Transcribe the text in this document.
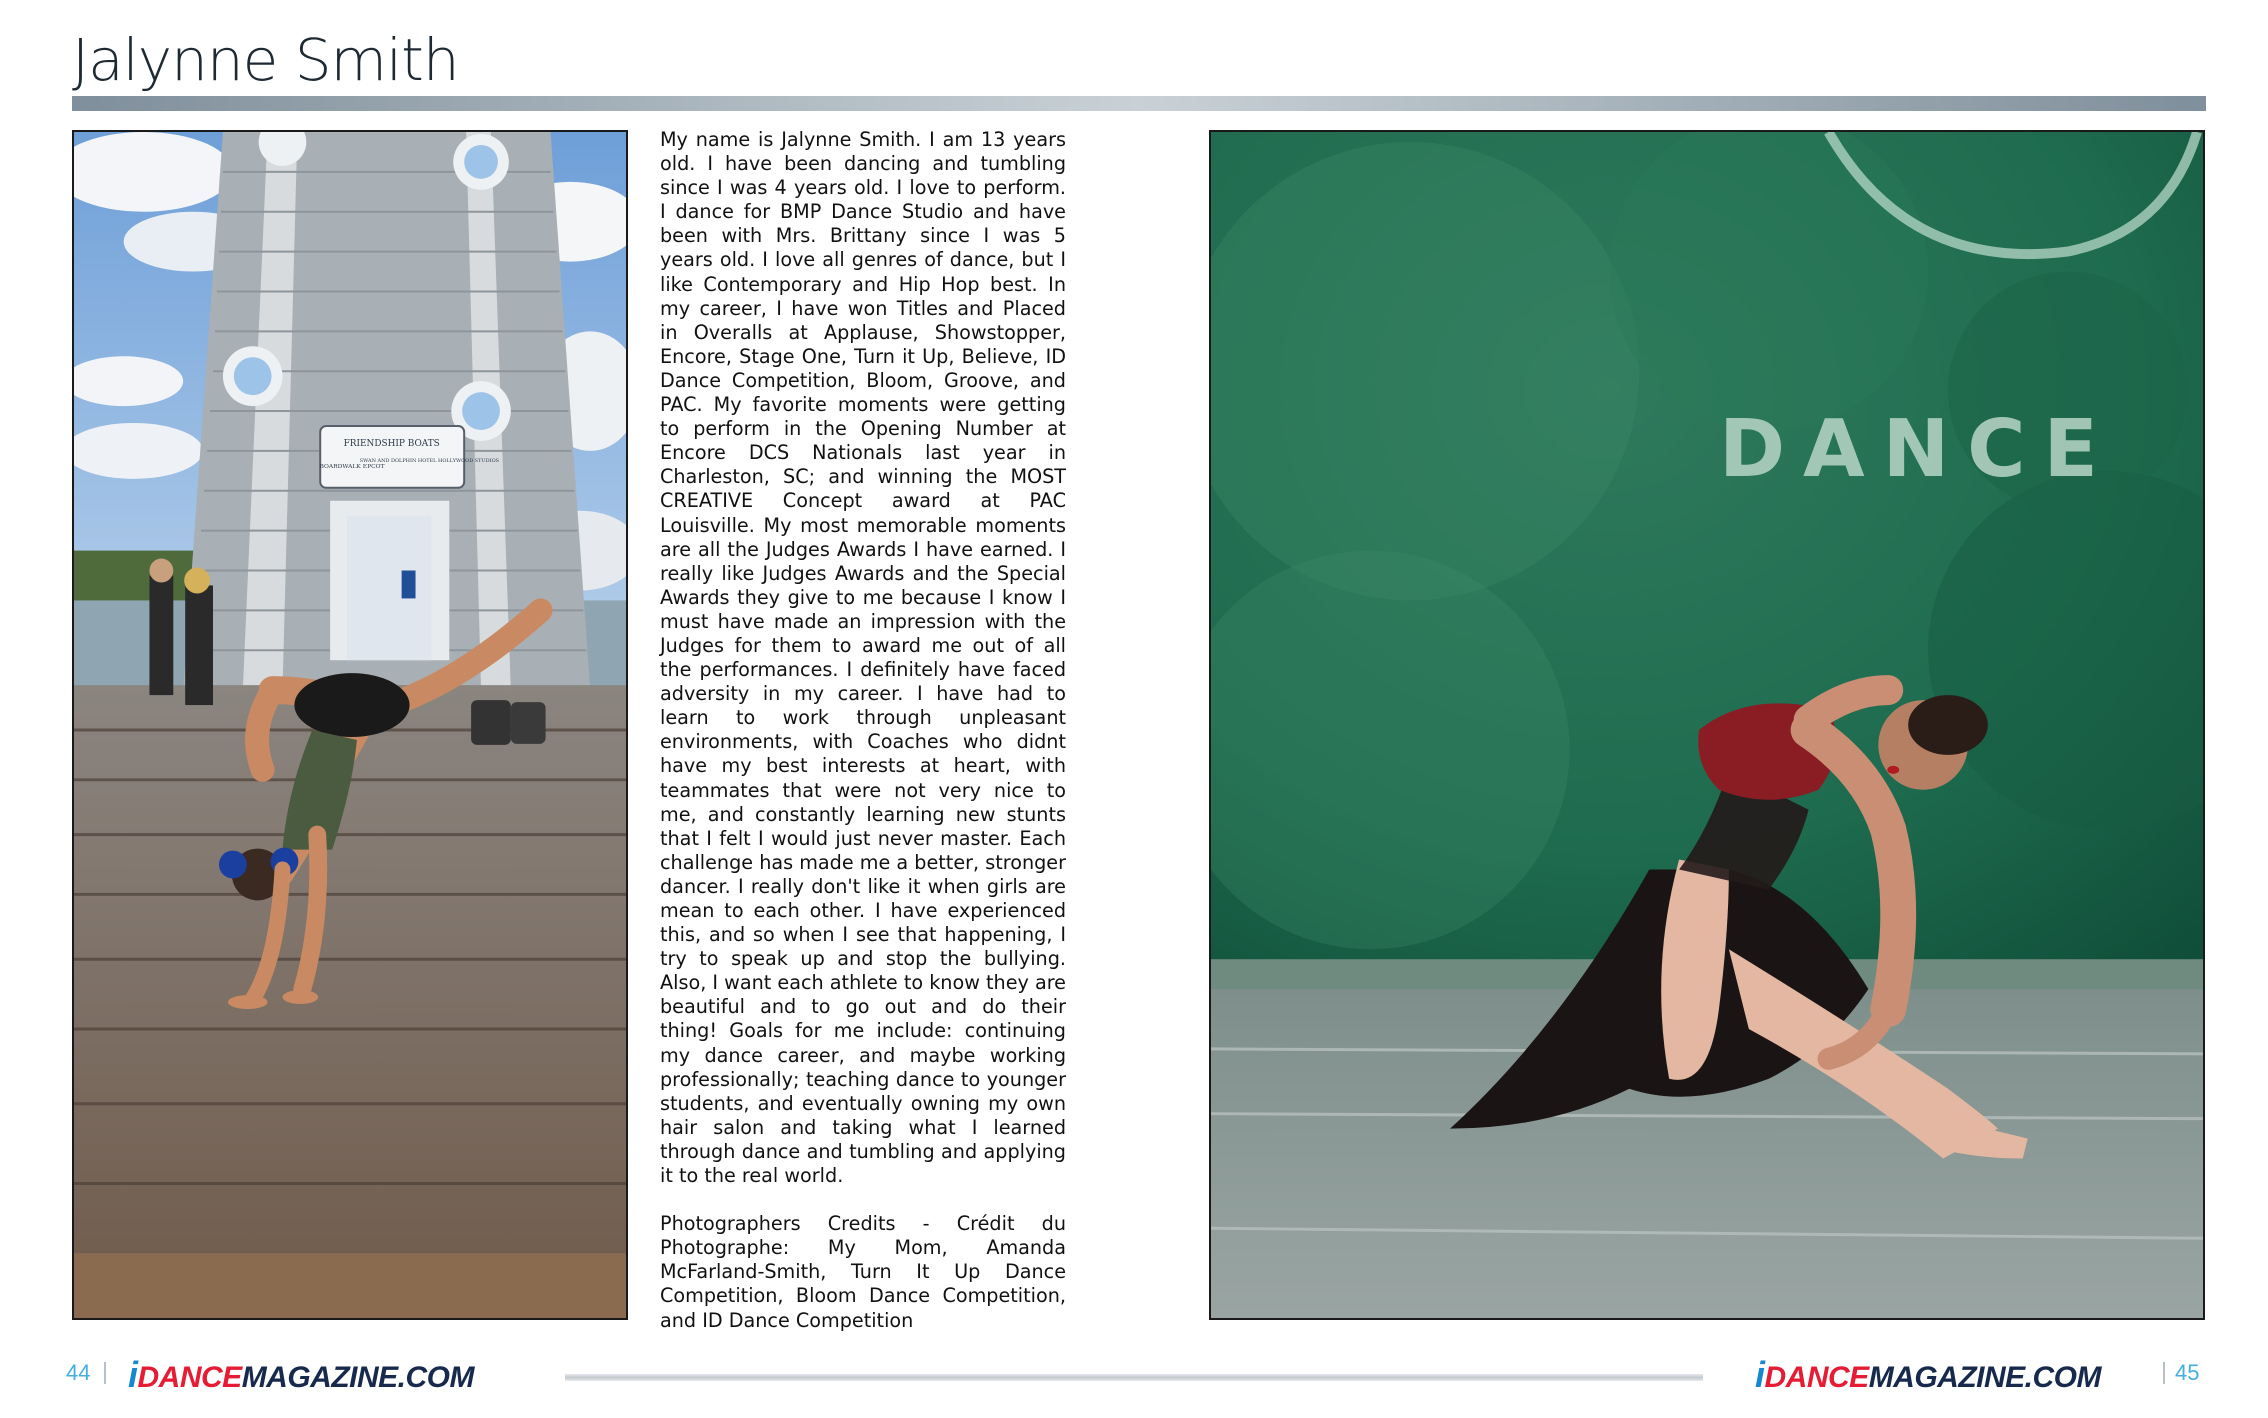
Jalynne Smith
FRIENDSHIP BOATS
BOARDWALK EPCOT
SWAN AND DOLPHIN HOTEL HOLLYWOOD STUDIOS

My name is Jalynne Smith. I am 13 years old. I have been dancing and tumbling since I was 4 years old. I love to perform. I dance for BMP Dance Studio and have been with Mrs. Brittany since I was 5 years old. I love all genres of dance, but I like Contemporary and Hip Hop best. In my career, I have won Titles and Placed in Overalls at Applause, Showstopper, Encore, Stage One, Turn it Up, Believe, ID Dance Competition, Bloom, Groove, and PAC. My favorite moments were getting to perform in the Opening Number at Encore DCS Nationals last year in Charleston, SC; and winning the MOST CREATIVE Concept award at PAC Louisville. My most memorable moments are all the Judges Awards I have earned. I really like Judges Awards and the Special Awards they give to me because I know I must have made an impression with the Judges for them to award me out of all the performances. I definitely have faced adversity in my career. I have had to learn to work through unpleasant environments, with Coaches who didnt have my best interests at heart, with teammates that were not very nice to me, and constantly learning new stunts that I felt I would just never master. Each challenge has made me a better, stronger dancer. I really don't like it when girls are mean to each other. I have experienced this, and so when I see that happening, I try to speak up and stop the bullying. Also, I want each athlete to know they are beautiful and to go out and do their thing! Goals for me include: continuing my dance career, and maybe working professionally; teaching dance to younger students, and eventually owning my own hair salon and taking what I learned through dance and tumbling and applying it to the real world.

Photographers Credits - Crédit du Photographe: My Mom, Amanda McFarland-Smith, Turn It Up Dance Competition, Bloom Dance Competition, and ID Dance Competition

DANCE
44 iDANCEMAGAZINE.COM	iDANCEMAGAZINE.COM	45
